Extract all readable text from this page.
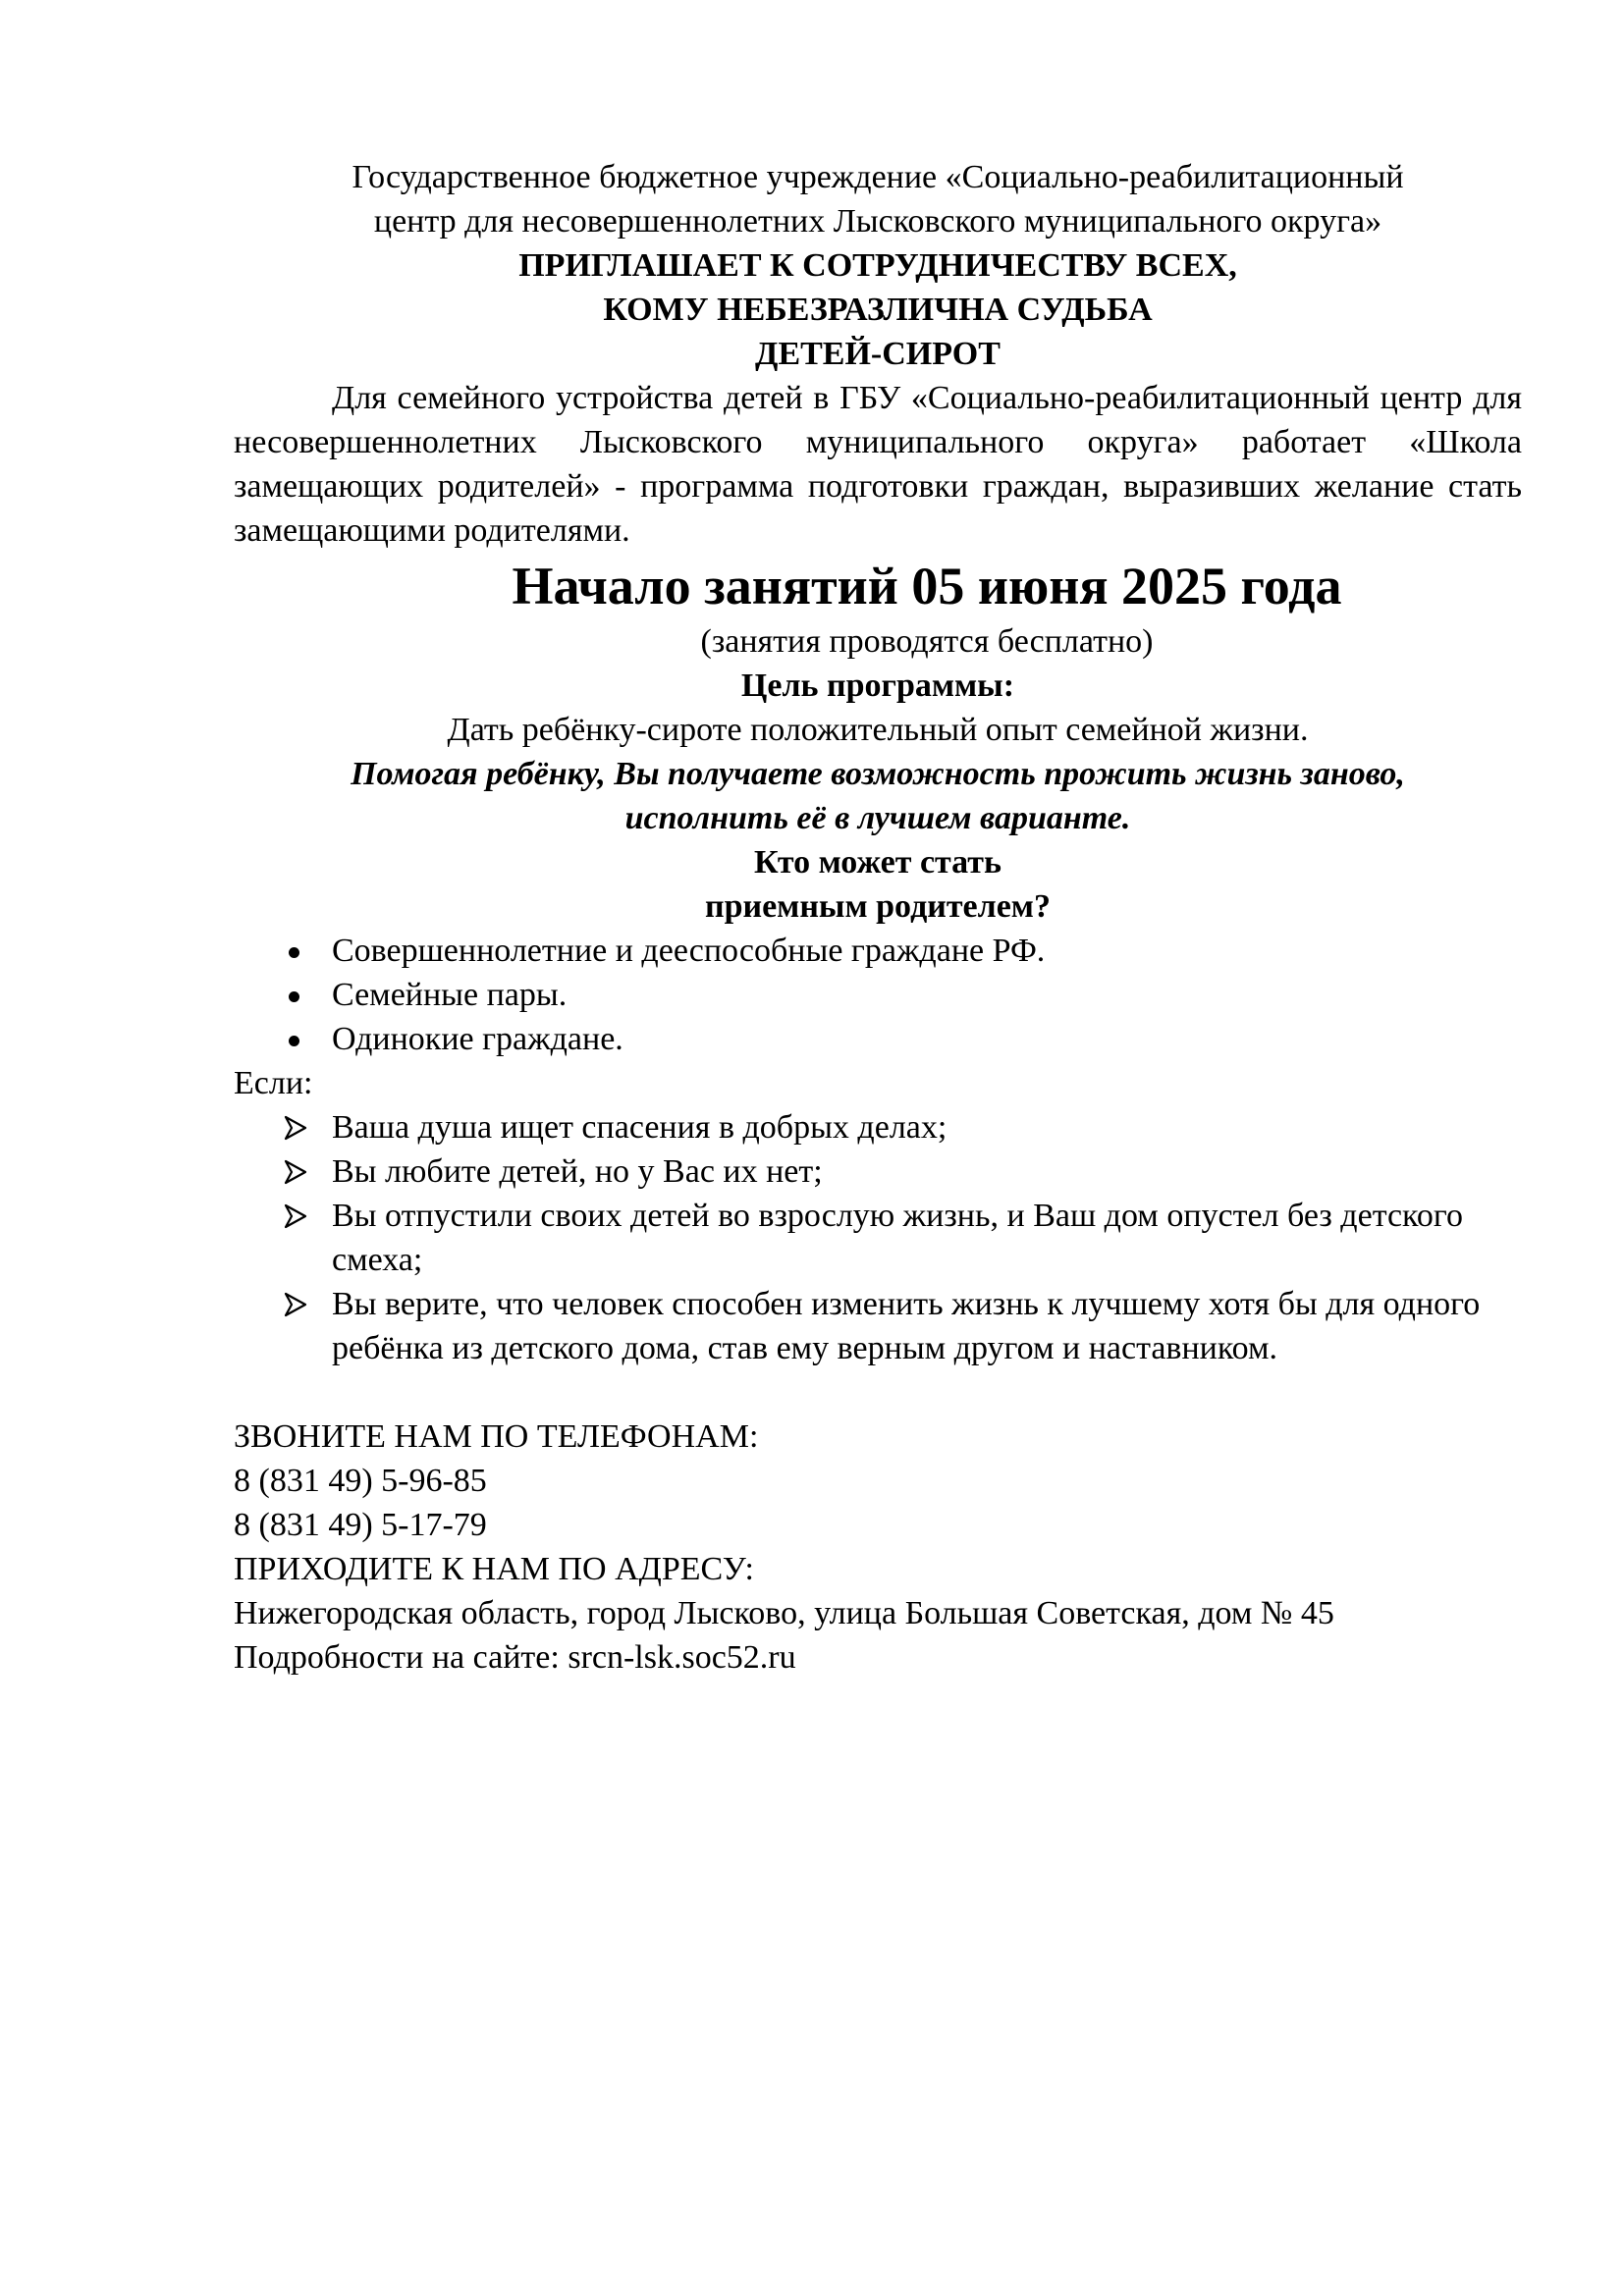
Государственное бюджетное учреждение «Социально-реабилитационный
центр для несовершеннолетних Лысковского муниципального округа»
ПРИГЛАШАЕТ К СОТРУДНИЧЕСТВУ ВСЕХ,
КОМУ НЕБЕЗРАЗЛИЧНА СУДЬБА
ДЕТЕЙ-СИРОТ

Для семейного устройства детей в ГБУ «Социально-реабилитационный центр для несовершеннолетних Лысковского муниципального округа» работает «Школа замещающих родителей» - программа подготовки граждан, выразивших желание стать замещающими родителями.

Начало занятий 05 июня 2025 года
(занятия проводятся бесплатно)
Цель программы:
Дать ребёнку-сироте положительный опыт семейной жизни.
Помогая ребёнку, Вы получаете возможность прожить жизнь заново,
исполнить её в лучшем варианте.
Кто может стать
приемным родителем?
Совершеннолетние и дееспособные граждане РФ.
Семейные пары.
Одинокие граждане.
Если:
Ваша душа ищет спасения в добрых делах;
Вы любите детей, но у Вас их нет;
Вы отпустили своих детей во взрослую жизнь, и Ваш дом опустел без детского смеха;
Вы верите, что человек способен изменить жизнь к лучшему хотя бы для одного ребёнка из детского дома, став ему верным другом и наставником.
ЗВОНИТЕ НАМ ПО ТЕЛЕФОНАМ:
8 (831 49) 5-96-85
8 (831 49) 5-17-79
ПРИХОДИТЕ К НАМ ПО АДРЕСУ:
Нижегородская область, город Лысково, улица Большая Советская, дом № 45
Подробности на сайте: srcn-lsk.soc52.ru
